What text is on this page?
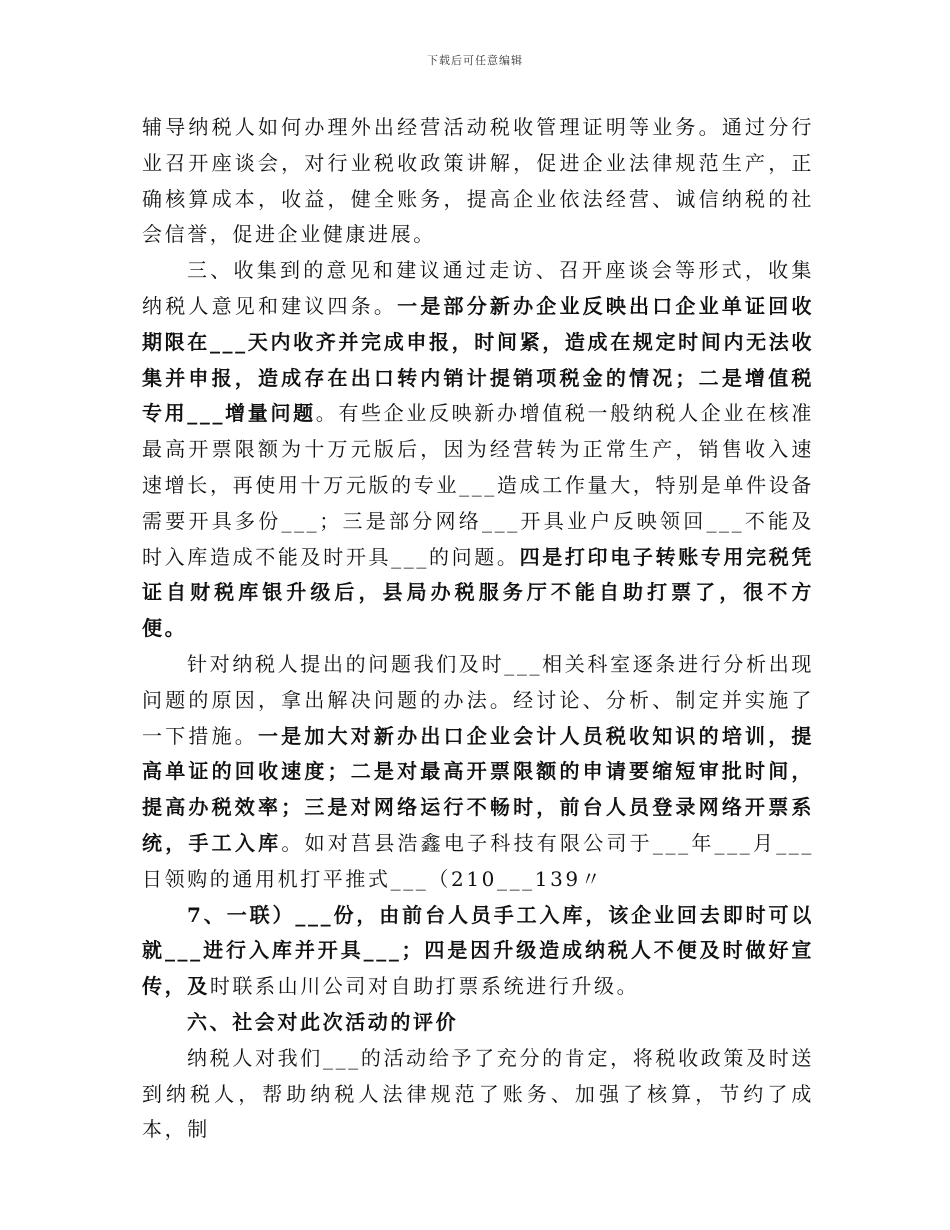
下载后可任意编辑

辅导纳税人如何办理外出经营活动税收管理证明等业务。通过分行业召开座谈会，对行业税收政策讲解，促进企业法律规范生产，正确核算成本，收益，健全账务，提高企业依法经营、诚信纳税的社会信誉，促进企业健康进展。

三、收集到的意见和建议通过走访、召开座谈会等形式，收集纳税人意见和建议四条。一是部分新办企业反映出口企业单证回收期限在___天内收齐并完成申报，时间紧，造成在规定时间内无法收集并申报，造成存在出口转内销计提销项税金的情况；二是增值税专用___增量问题。有些企业反映新办增值税一般纳税人企业在核准最高开票限额为十万元版后，因为经营转为正常生产，销售收入速速增长，再使用十万元版的专业___造成工作量大，特别是单件设备需要开具多份___；三是部分网络___开具业户反映领回___不能及时入库造成不能及时开具___的问题。四是打印电子转账专用完税凭证自财税库银升级后，县局办税服务厅不能自助打票了，很不方便。

针对纳税人提出的问题我们及时___相关科室逐条进行分析出现问题的原因，拿出解决问题的办法。经讨论、分析、制定并实施了一下措施。一是加大对新办出口企业会计人员税收知识的培训，提高单证的回收速度；二是对最高开票限额的申请要缩短审批时间，提高办税效率；三是对网络运行不畅时，前台人员登录网络开票系统，手工入库。如对莒县浩鑫电子科技有限公司于___年___月___日领购的通用机打平推式___（210___139〃

7、一联）___份，由前台人员手工入库，该企业回去即时可以就___进行入库并开具___；四是因升级造成纳税人不便及时做好宣传，及时联系山川公司对自助打票系统进行升级。

六、社会对此次活动的评价

纳税人对我们___的活动给予了充分的肯定，将税收政策及时送到纳税人，帮助纳税人法律规范了账务、加强了核算，节约了成本，制
